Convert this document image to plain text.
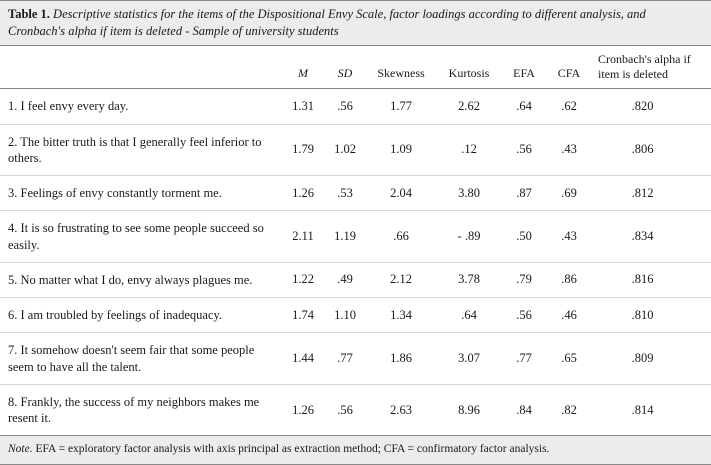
Table 1. Descriptive statistics for the items of the Dispositional Envy Scale, factor loadings according to different analysis, and Cronbach's alpha if item is deleted - Sample of university students
	M	SD	Skewness	Kurtosis	EFA	CFA	Cronbach's alpha if item is deleted
1. I feel envy every day.	1.31	.56	1.77	2.62	.64	.62	.820
2. The bitter truth is that I generally feel inferior to others.	1.79	1.02	1.09	.12	.56	.43	.806
3. Feelings of envy constantly torment me.	1.26	.53	2.04	3.80	.87	.69	.812
4. It is so frustrating to see some people succeed so easily.	2.11	1.19	.66	- .89	.50	.43	.834
5. No matter what I do, envy always plagues me.	1.22	.49	2.12	3.78	.79	.86	.816
6. I am troubled by feelings of inadequacy.	1.74	1.10	1.34	.64	.56	.46	.810
7. It somehow doesn't seem fair that some people seem to have all the talent.	1.44	.77	1.86	3.07	.77	.65	.809
8. Frankly, the success of my neighbors makes me resent it.	1.26	.56	2.63	8.96	.84	.82	.814
Note. EFA = exploratory factor analysis with axis principal as extraction method; CFA = confirmatory factor analysis.
